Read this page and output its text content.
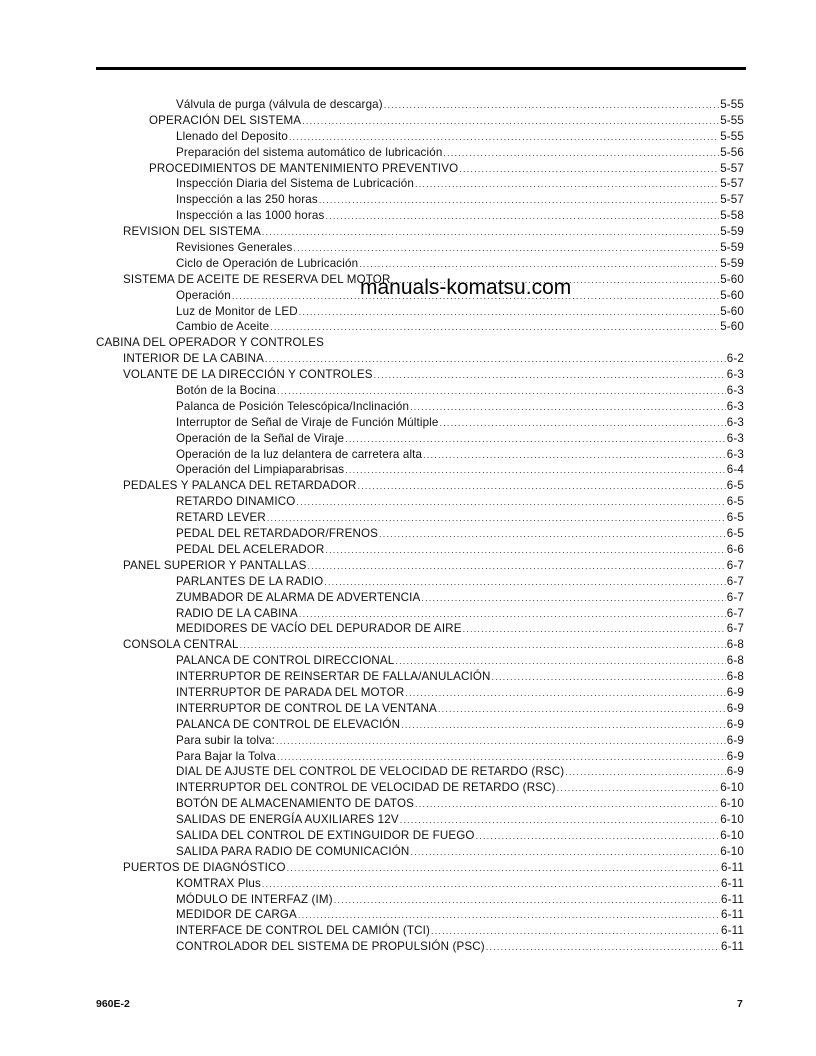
Válvula de purga (válvula de descarga) .....	5-55
OPERACIÓN DEL SISTEMA .....	5-55
Llenado del Deposito .....	5-55
Preparación del sistema automático de lubricación .....	5-56
PROCEDIMIENTOS DE MANTENIMIENTO PREVENTIVO .....	5-57
Inspección Diaria del Sistema de Lubricación .....	5-57
Inspección a las 250 horas .....	5-57
Inspección a las 1000 horas .....	5-58
REVISION DEL SISTEMA .....	5-59
Revisiones Generales .....	5-59
Ciclo de Operación de Lubricación .....	5-59
SISTEMA DE ACEITE DE RESERVA DEL MOTOR .....	5-60
Operación .....	5-60
Luz de Monitor de LED .....	5-60
Cambio de Aceite .....	5-60
CABINA DEL OPERADOR Y CONTROLES
INTERIOR DE LA CABINA .....	6-2
VOLANTE DE LA DIRECCIÓN Y CONTROLES .....	6-3
Botón de la Bocina .....	6-3
Palanca de Posición Telescópica/Inclinación .....	6-3
Interruptor de Señal de Viraje de Función Múltiple .....	6-3
Operación de la Señal de Viraje .....	6-3
Operación de la luz delantera de carretera alta .....	6-3
Operación del Limpiaparabrisas .....	6-4
PEDALES Y PALANCA DEL RETARDADOR .....	6-5
RETARDO DINAMICO .....	6-5
RETARD LEVER .....	6-5
PEDAL DEL RETARDADOR/FRENOS .....	6-5
PEDAL DEL ACELERADOR .....	6-6
PANEL SUPERIOR Y PANTALLAS .....	6-7
PARLANTES DE LA RADIO .....	6-7
ZUMBADOR DE ALARMA DE ADVERTENCIA .....	6-7
RADIO DE LA CABINA .....	6-7
MEDIDORES DE VACÍO DEL DEPURADOR DE AIRE .....	6-7
CONSOLA CENTRAL .....	6-8
PALANCA DE CONTROL DIRECCIONAL .....	6-8
INTERRUPTOR DE REINSERTAR DE FALLA/ANULACIÓN .....	6-8
INTERRUPTOR DE PARADA DEL MOTOR .....	6-9
INTERRUPTOR DE CONTROL DE LA VENTANA .....	6-9
PALANCA DE CONTROL DE ELEVACIÓN .....	6-9
Para subir la tolva: .....	6-9
Para Bajar la Tolva .....	6-9
DIAL DE AJUSTE DEL CONTROL DE VELOCIDAD DE RETARDO (RSC) .....	6-9
INTERRUPTOR DEL CONTROL DE VELOCIDAD DE RETARDO (RSC) .....	6-10
BOTÓN DE ALMACENAMIENTO DE DATOS .....	6-10
SALIDAS DE ENERGÍA AUXILIARES 12V .....	6-10
SALIDA DEL CONTROL DE EXTINGUIDOR DE FUEGO .....	6-10
SALIDA PARA RADIO DE COMUNICACIÓN .....	6-10
PUERTOS DE DIAGNÓSTICO .....	6-11
KOMTRAX Plus .....	6-11
MÓDULO DE INTERFAZ (IM) .....	6-11
MEDIDOR DE CARGA .....	6-11
INTERFACE DE CONTROL DEL CAMIÓN (TCI) .....	6-11
CONTROLADOR DEL SISTEMA DE PROPULSIÓN (PSC) .....	6-11
manuals-komatsu.com
960E-2	7
